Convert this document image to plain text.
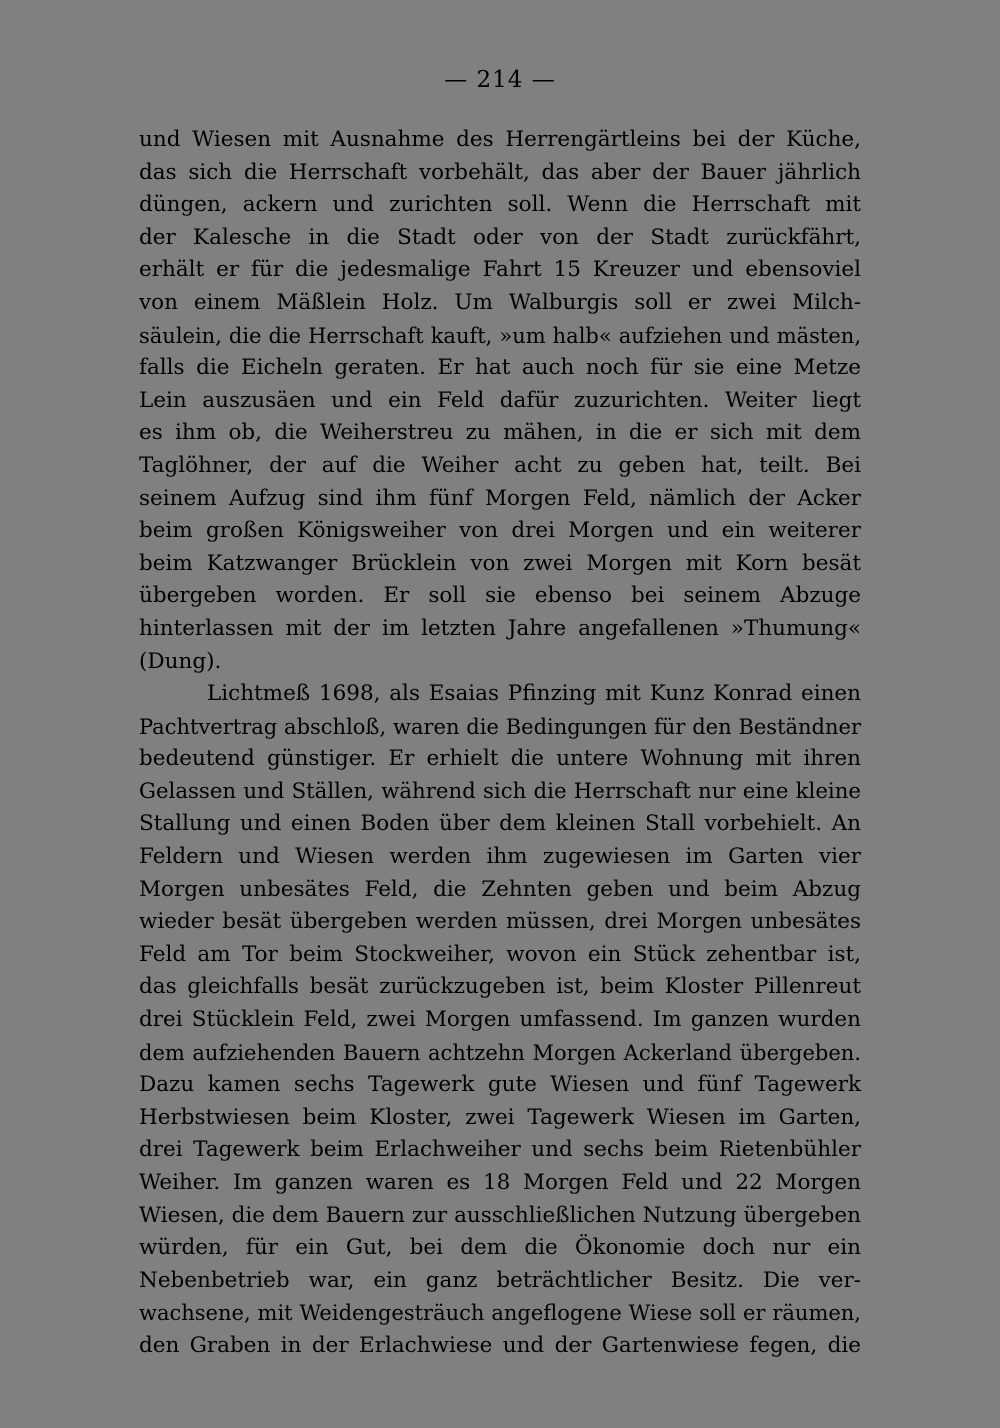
— 214 —
und Wiesen mit Ausnahme des Herrengärtleins bei der Küche,
das sich die Herrschaft vorbehält, das aber der Bauer jährlich
düngen, ackern und zurichten soll. Wenn die Herrschaft mit
der Kalesche in die Stadt oder von der Stadt zurückfährt,
erhält er für die jedesmalige Fahrt 15 Kreuzer und ebensoviel
von einem Mäßlein Holz. Um Walburgis soll er zwei Milch-
säulein, die die Herrschaft kauft, »um halb« aufziehen und mästen,
falls die Eicheln geraten. Er hat auch noch für sie eine Metze
Lein auszusäen und ein Feld dafür zuzurichten. Weiter liegt
es ihm ob, die Weiherstreu zu mähen, in die er sich mit dem
Taglöhner, der auf die Weiher acht zu geben hat, teilt. Bei
seinem Aufzug sind ihm fünf Morgen Feld, nämlich der Acker
beim großen Königsweiher von drei Morgen und ein weiterer
beim Katzwanger Brücklein von zwei Morgen mit Korn besät
übergeben worden. Er soll sie ebenso bei seinem Abzuge
hinterlassen mit der im letzten Jahre angefallenen »Thumung«
(Dung).
Lichtmeß 1698, als Esaias Pfinzing mit Kunz Konrad einen
Pachtvertrag abschloß, waren die Bedingungen für den Beständner
bedeutend günstiger. Er erhielt die untere Wohnung mit ihren
Gelassen und Ställen, während sich die Herrschaft nur eine kleine
Stallung und einen Boden über dem kleinen Stall vorbehielt. An
Feldern und Wiesen werden ihm zugewiesen im Garten vier
Morgen unbesätes Feld, die Zehnten geben und beim Abzug
wieder besät übergeben werden müssen, drei Morgen unbesätes
Feld am Tor beim Stockweiher, wovon ein Stück zehentbar ist,
das gleichfalls besät zurückzugeben ist, beim Kloster Pillenreut
drei Stücklein Feld, zwei Morgen umfassend. Im ganzen wurden
dem aufziehenden Bauern achtzehn Morgen Ackerland übergeben.
Dazu kamen sechs Tagewerk gute Wiesen und fünf Tagewerk
Herbstwiesen beim Kloster, zwei Tagewerk Wiesen im Garten,
drei Tagewerk beim Erlachweiher und sechs beim Rietenbühler
Weiher. Im ganzen waren es 18 Morgen Feld und 22 Morgen
Wiesen, die dem Bauern zur ausschließlichen Nutzung übergeben
würden, für ein Gut, bei dem die Ökonomie doch nur ein
Nebenbetrieb war, ein ganz beträchtlicher Besitz. Die ver-
wachsene, mit Weidengesträuch angeflogene Wiese soll er räumen,
den Graben in der Erlachwiese und der Gartenwiese fegen, die
